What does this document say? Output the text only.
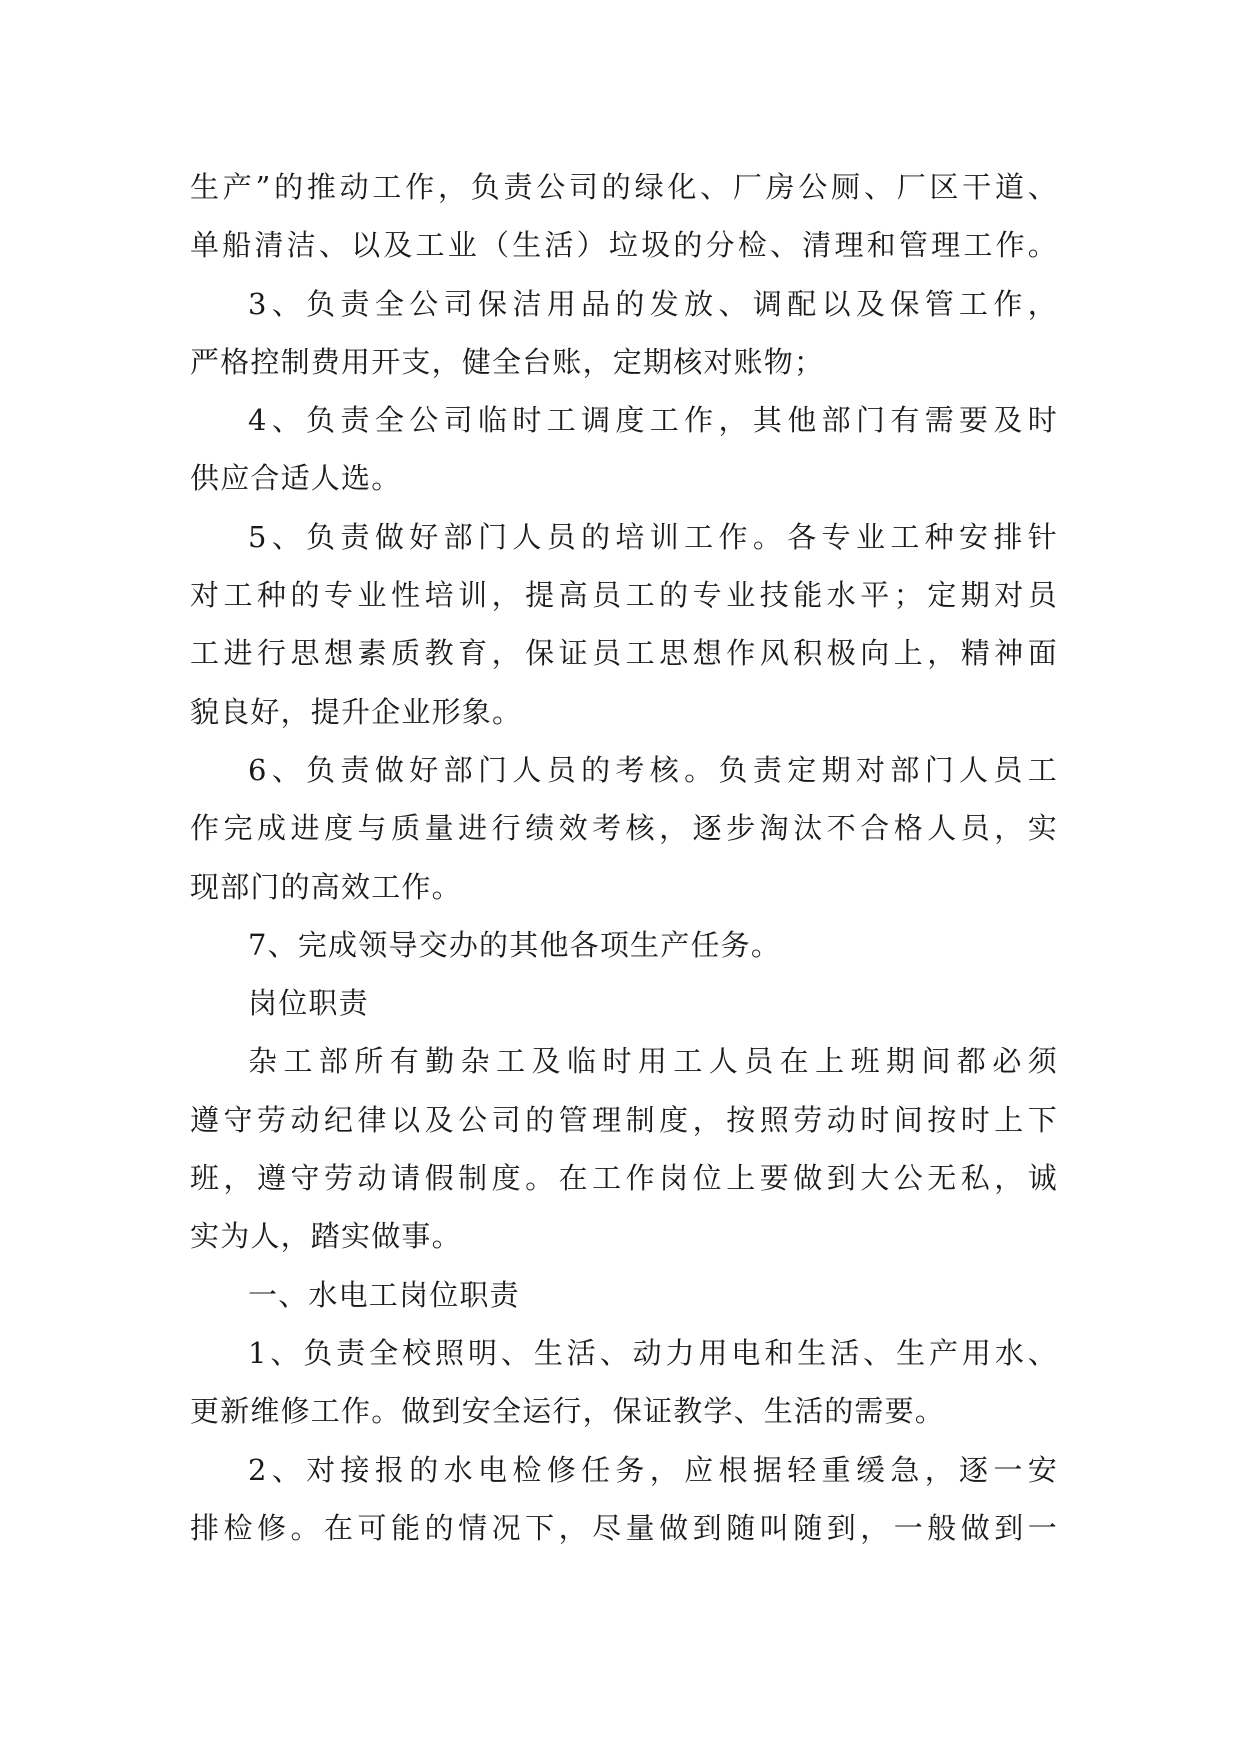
生产”的推动工作，负责公司的绿化、厂房公厕、厂区干道、
单船清洁、以及工业（生活）垃圾的分检、清理和管理工作。
3、负责全公司保洁用品的发放、调配以及保管工作，
严格控制费用开支，健全台账，定期核对账物；
4、负责全公司临时工调度工作，其他部门有需要及时
供应合适人选。
5、负责做好部门人员的培训工作。各专业工种安排针
对工种的专业性培训，提高员工的专业技能水平；定期对员
工进行思想素质教育，保证员工思想作风积极向上，精神面
貌良好，提升企业形象。
6、负责做好部门人员的考核。负责定期对部门人员工
作完成进度与质量进行绩效考核，逐步淘汰不合格人员，实
现部门的高效工作。
7、完成领导交办的其他各项生产任务。
岗位职责
杂工部所有勤杂工及临时用工人员在上班期间都必须
遵守劳动纪律以及公司的管理制度，按照劳动时间按时上下
班，遵守劳动请假制度。在工作岗位上要做到大公无私，诚
实为人，踏实做事。
一、水电工岗位职责
1、负责全校照明、生活、动力用电和生活、生产用水、
更新维修工作。做到安全运行，保证教学、生活的需要。
2、对接报的水电检修任务，应根据轻重缓急，逐一安
排检修。在可能的情况下，尽量做到随叫随到，一般做到一
